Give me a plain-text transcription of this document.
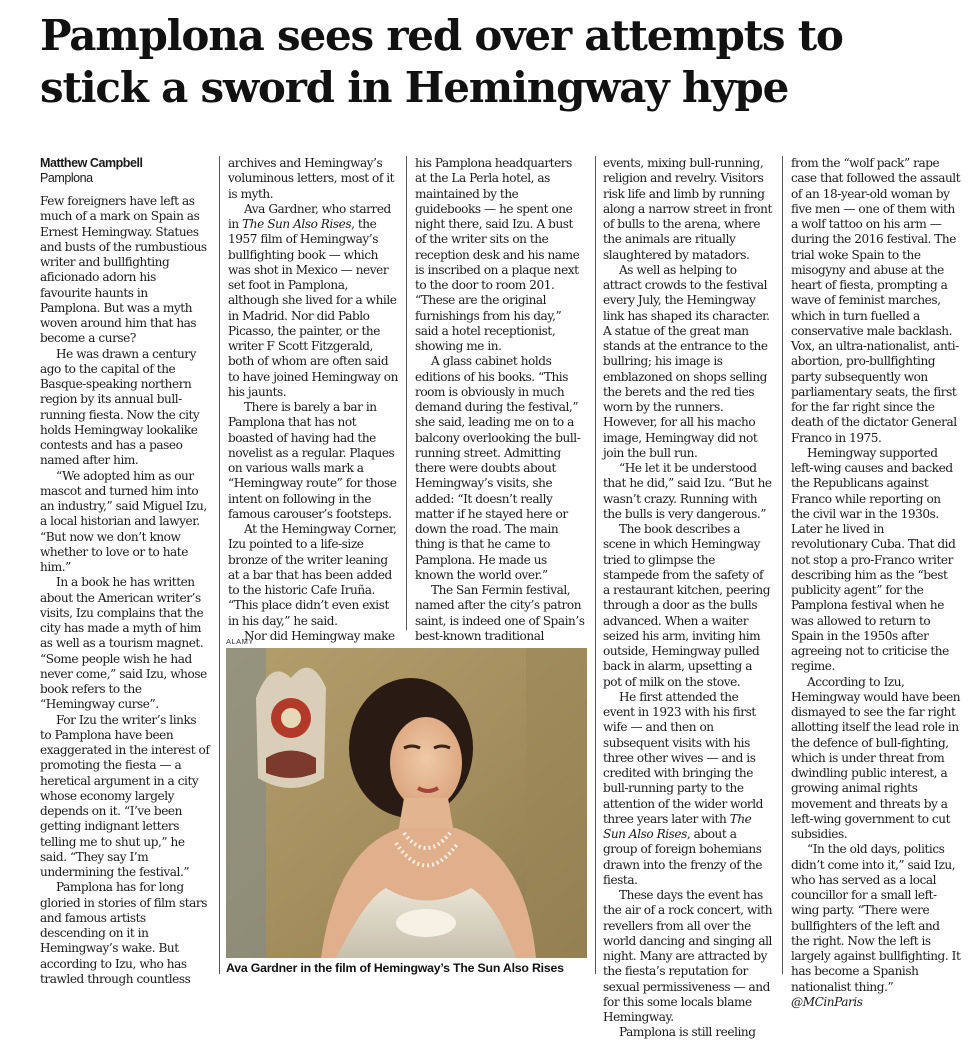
Pamplona sees red over attempts to
stick a sword in Hemingway hype
Matthew Campbell
Pamplona

Few foreigners have left as much of a mark on Spain as Ernest Hemingway. Statues and busts of the rumbustious writer and bullfighting aficionado adorn his favourite haunts in Pamplona. But was a myth woven around him that has become a curse?

He was drawn a century ago to the capital of the Basque-speaking northern region by its annual bull-running fiesta. Now the city holds Hemingway lookalike contests and has a paseo named after him.

“We adopted him as our mascot and turned him into an industry,” said Miguel Izu, a local historian and lawyer. “But now we don’t know whether to love or to hate him.”

In a book he has written about the American writer’s visits, Izu complains that the city has made a myth of him as well as a tourism magnet. “Some people wish he had never come,” said Izu, whose book refers to the “Hemingway curse”.

For Izu the writer’s links to Pamplona have been exaggerated in the interest of promoting the fiesta — a heretical argument in a city whose economy largely depends on it. “I’ve been getting indignant letters telling me to shut up,” he said. “They say I’m undermining the festival.”

Pamplona has for long gloried in stories of film stars and famous artists descending on it in Hemingway’s wake. But according to Izu, who has trawled through countless

archives and Hemingway’s voluminous letters, most of it is myth.

Ava Gardner, who starred in The Sun Also Rises, the 1957 film of Hemingway’s bullfighting book — which was shot in Mexico — never set foot in Pamplona, although she lived for a while in Madrid. Nor did Pablo Picasso, the painter, or the writer F Scott Fitzgerald, both of whom are often said to have joined Hemingway on his jaunts.

There is barely a bar in Pamplona that has not boasted of having had the novelist as a regular. Plaques on various walls mark a “Hemingway route” for those intent on following in the famous carouser’s footsteps.

At the Hemingway Corner, Izu pointed to a life-size bronze of the writer leaning at a bar that has been added to the historic Cafe Iruña. “This place didn’t even exist in his day,” he said.

Nor did Hemingway make

his Pamplona headquarters at the La Perla hotel, as maintained by the guidebooks — he spent one night there, said Izu. A bust of the writer sits on the reception desk and his name is inscribed on a plaque next to the door to room 201. “These are the original furnishings from his day,” said a hotel receptionist, showing me in.

A glass cabinet holds editions of his books. “This room is obviously in much demand during the festival,” she said, leading me on to a balcony overlooking the bull-running street. Admitting there were doubts about Hemingway’s visits, she added: “It doesn’t really matter if he stayed here or down the road. The main thing is that he came to Pamplona. He made us known the world over.”

The San Fermin festival, named after the city’s patron saint, is indeed one of Spain’s best-known traditional

events, mixing bull-running, religion and revelry. Visitors risk life and limb by running along a narrow street in front of bulls to the arena, where the animals are ritually slaughtered by matadors.

As well as helping to attract crowds to the festival every July, the Hemingway link has shaped its character. A statue of the great man stands at the entrance to the bullring; his image is emblazoned on shops selling the berets and the red ties worn by the runners. However, for all his macho image, Hemingway did not join the bull run.

“He let it be understood that he did,” said Izu. “But he wasn’t crazy. Running with the bulls is very dangerous.”

The book describes a scene in which Hemingway tried to glimpse the stampede from the safety of a restaurant kitchen, peering through a door as the bulls advanced. When a waiter seized his arm, inviting him outside, Hemingway pulled back in alarm, upsetting a pot of milk on the stove.

He first attended the event in 1923 with his first wife — and then on subsequent visits with his three other wives — and is credited with bringing the bull-running party to the attention of the wider world three years later with The Sun Also Rises, about a group of foreign bohemians drawn into the frenzy of the fiesta.

These days the event has the air of a rock concert, with revellers from all over the world dancing and singing all night. Many are attracted by the fiesta’s reputation for sexual permissiveness — and for this some locals blame Hemingway.

Pamplona is still reeling

from the “wolf pack” rape case that followed the assault of an 18-year-old woman by five men — one of them with a wolf tattoo on his arm — during the 2016 festival. The trial woke Spain to the misogyny and abuse at the heart of fiesta, prompting a wave of feminist marches, which in turn fuelled a conservative male backlash. Vox, an ultra-nationalist, anti-abortion, pro-bullfighting party subsequently won parliamentary seats, the first for the far right since the death of the dictator General Franco in 1975.

Hemingway supported left-wing causes and backed the Republicans against Franco while reporting on the civil war in the 1930s. Later he lived in revolutionary Cuba. That did not stop a pro-Franco writer describing him as the “best publicity agent” for the Pamplona festival when he was allowed to return to Spain in the 1950s after agreeing not to criticise the regime.

According to Izu, Hemingway would have been dismayed to see the far right allotting itself the lead role in the defence of bull-fighting, which is under threat from dwindling public interest, a growing animal rights movement and threats by a left-wing government to cut subsidies.

“In the old days, politics didn’t come into it,” said Izu, who has served as a local councillor for a small left-wing party. “There were bullfighters of the left and the right. Now the left is largely against bullfighting. It has become a Spanish nationalist thing.”

@MCinParis

ALAMY
Ava Gardner in the film of Hemingway’s The Sun Also Rises
